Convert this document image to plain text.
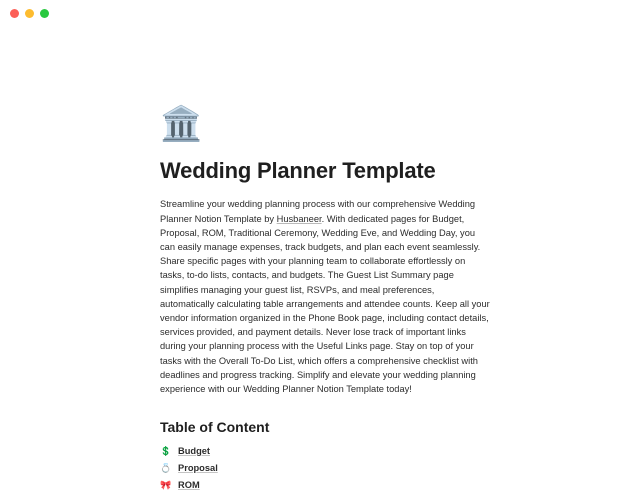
🏛️
Wedding Planner Template

Streamline your wedding planning process with our comprehensive Wedding Planner Notion Template by Husbaneer. With dedicated pages for Budget, Proposal, ROM, Traditional Ceremony, Wedding Eve, and Wedding Day, you can easily manage expenses, track budgets, and plan each event seamlessly. Share specific pages with your planning team to collaborate effortlessly on tasks, to-do lists, contacts, and budgets. The Guest List Summary page simplifies managing your guest list, RSVPs, and meal preferences, automatically calculating table arrangements and attendee counts. Keep all your vendor information organized in the Phone Book page, including contact details, services provided, and payment details. Never lose track of important links during your planning process with the Useful Links page. Stay on top of your tasks with the Overall To-Do List, which offers a comprehensive checklist with deadlines and progress tracking. Simplify and elevate your wedding planning experience with our Wedding Planner Notion Template today!

Table of Content
💲 Budget
💍 Proposal
🎀 ROM
